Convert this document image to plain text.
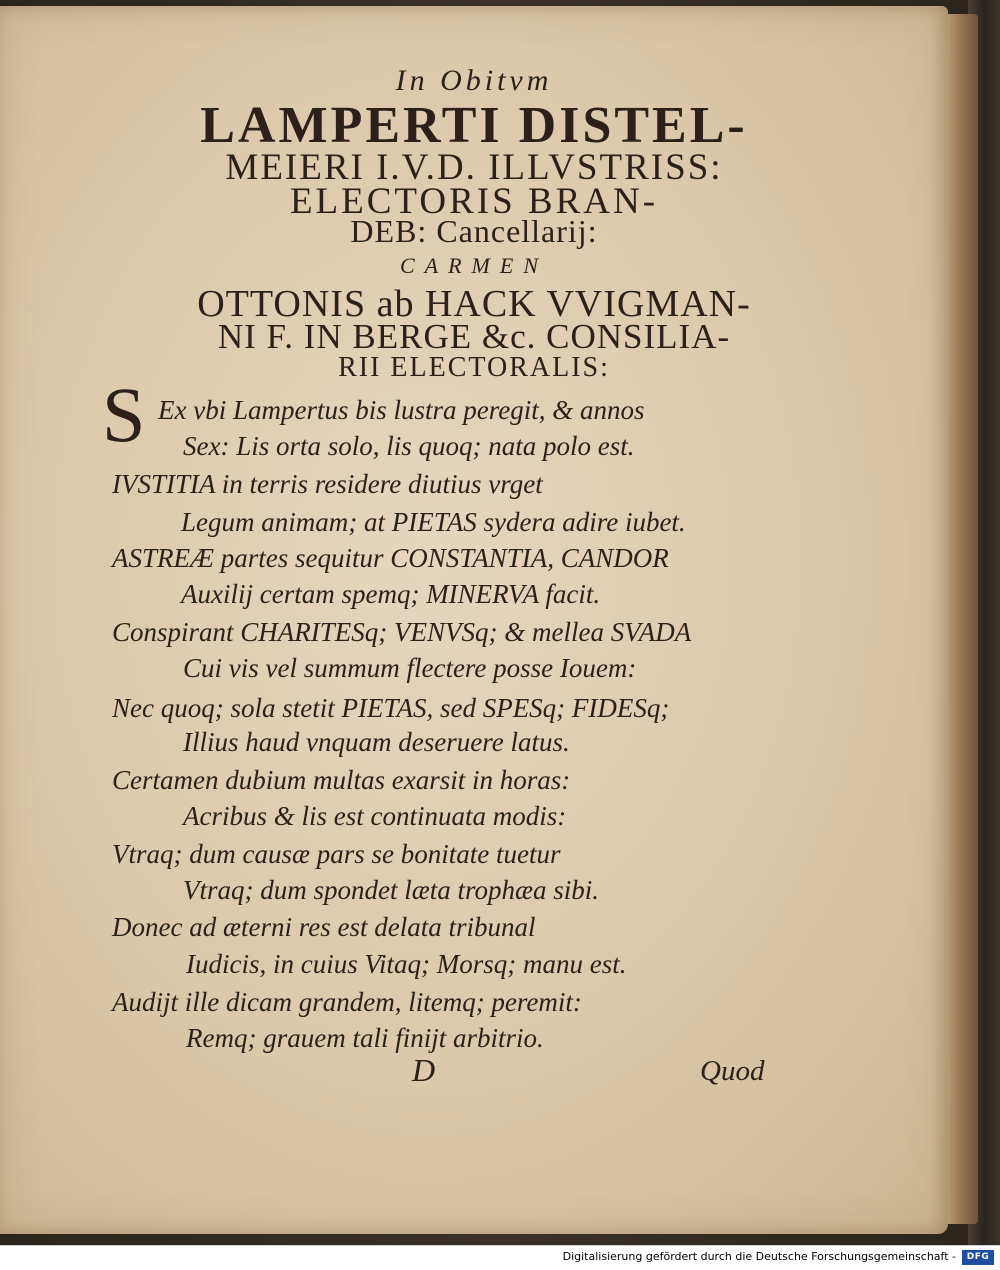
In Obitvm
LAMPERTI DISTEL-
MEIERI I.V.D. ILLVSTRISS:
ELECTORIS BRAN-
DEB: Cancellarij:
CARMEN
OTTONIS ab HACK VVIGMAN-
NI F. IN BERGE &c. CONSILIA-
RII ELECTORALIS:
S Ex vbi Lampertus bis lustra peregit, & annos
Sex: Lis orta solo, lis quoq; nata polo est.
IVSTITIA in terris residere diutius vrget
Legum animam; at PIETAS sydera adire iubet.
ASTREÆ partes sequitur CONSTANTIA, CANDOR
Auxilij certam spemq; MINERVA facit.
Conspirant CHARITESq; VENVSq; & mellea SVADA
Cui vis vel summum flectere posse Iouem:
Nec quoq; sola stetit PIETAS, sed SPESq; FIDESq;
Illius haud vnquam deseruere latus.
Certamen dubium multas exarsit in horas:
Acribus & lis est continuata modis:
Vtraq; dum causæ pars se bonitate tuetur
Vtraq; dum spondet læta trophæa sibi.
Donec ad æterni res est delata tribunal
Iudicis, in cuius Vitaq; Morsq; manu est.
Audijt ille dicam grandem, litemq; peremit:
Remq; grauem tali finijt arbitrio.
D	Quod
Digitalisierung gefördert durch die Deutsche Forschungsgemeinschaft -	DFG
